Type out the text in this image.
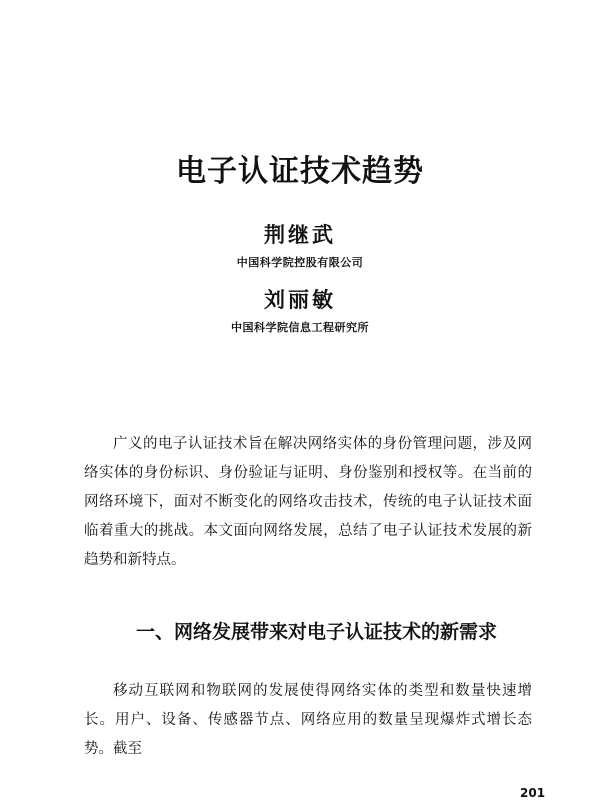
电子认证技术趋势
荆继武
中国科学院控股有限公司
刘丽敏
中国科学院信息工程研究所

广义的电子认证技术旨在解决网络实体的身份管理问题，涉及网络实体的身份标识、身份验证与证明、身份鉴别和授权等。在当前的网络环境下，面对不断变化的网络攻击技术，传统的电子认证技术面临着重大的挑战。本文面向网络发展，总结了电子认证技术发展的新趋势和新特点。

一、网络发展带来对电子认证技术的新需求

移动互联网和物联网的发展使得网络实体的类型和数量快速增长。用户、设备、传感器节点、网络应用的数量呈现爆炸式增长态势。截至

201
